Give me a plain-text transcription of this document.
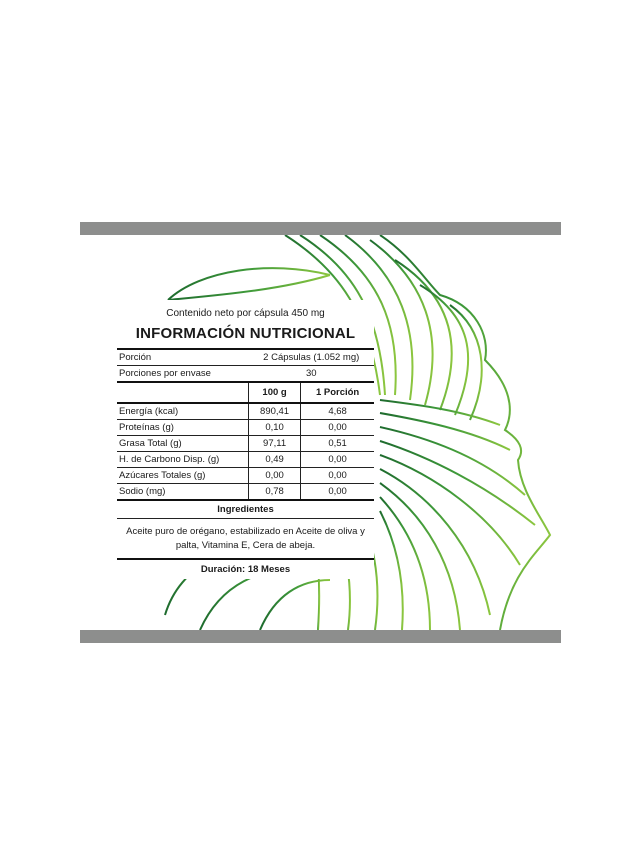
Contenido neto por cápsula 450 mg
INFORMACIÓN NUTRICIONAL
Porción	2 Cápsulas (1.052 mg)	
Porciones por envase	30	
	100 g	1 Porción
Energía (kcal)	890,41	4,68
Proteínas (g)	0,10	0,00
Grasa Total (g)	97,11	0,51
H. de Carbono Disp. (g)	0,49	0,00
Azúcares Totales (g)	0,00	0,00
Sodio (mg)	0,78	0,00
Ingredientes
Aceite puro de orégano, estabilizado en Aceite de oliva y palta, Vitamina E, Cera de abeja.
Duración: 18 Meses
